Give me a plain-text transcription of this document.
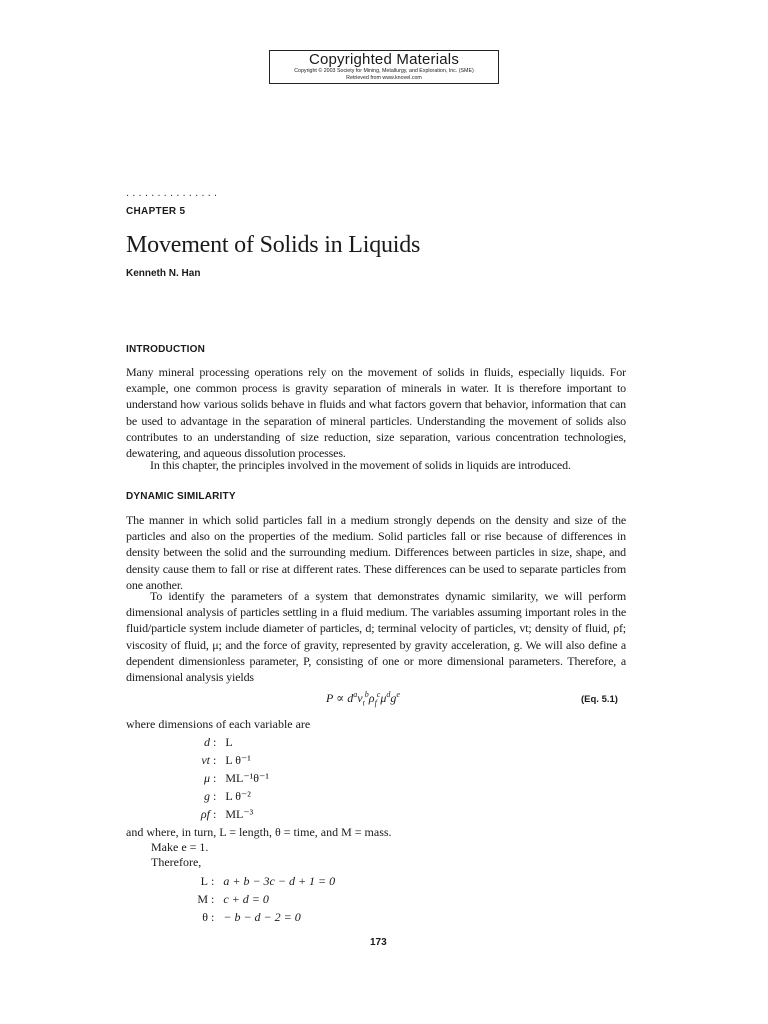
Copyrighted Materials
Copyright © 2003 Society for Mining, Metallurgy, and Exploration, Inc. (SME)
Retrieved from www.knovel.com
...............
CHAPTER 5
Movement of Solids in Liquids
Kenneth N. Han
INTRODUCTION

Many mineral processing operations rely on the movement of solids in fluids, especially liquids. For example, one common process is gravity separation of minerals in water. It is therefore important to understand how various solids behave in fluids and what factors govern that behavior, information that can be used to advantage in the separation of mineral particles. Understanding the movement of solids also contributes to an understanding of size reduction, size separation, various concentration technologies, dewatering, and aqueous dissolution processes.

In this chapter, the principles involved in the movement of solids in liquids are introduced.

DYNAMIC SIMILARITY

The manner in which solid particles fall in a medium strongly depends on the density and size of the particles and also on the properties of the medium. Solid particles fall or rise because of differences in density between the solid and the surrounding medium. Differences between particles in size, shape, and density cause them to fall or rise at different rates. These differences can be used to separate particles from one another.

To identify the parameters of a system that demonstrates dynamic similarity, we will perform dimensional analysis of particles settling in a fluid medium. The variables assuming important roles in the fluid/particle system include diameter of particles, d; terminal velocity of particles, vt; density of fluid, ρf; viscosity of fluid, μ; and the force of gravity, represented by gravity acceleration, g. We will also define a dependent dimensionless parameter, P, consisting of one or more dimensional parameters. Therefore, a dimensional analysis yields

$P \propto d^av_t^b\rho_f^c\mu^dg^e$	(Eq. 5.1)

where dimensions of each variable are

d : L
vt : L θ⁻¹
μ : ML⁻¹θ⁻¹
g : L θ⁻²
ρf : ML⁻³

and where, in turn, L = length, θ = time, and M = mass.

Make e = 1.

Therefore,

L : a + b − 3c − d + 1 = 0
M : c + d = 0
θ : − b − d − 2 = 0
173
